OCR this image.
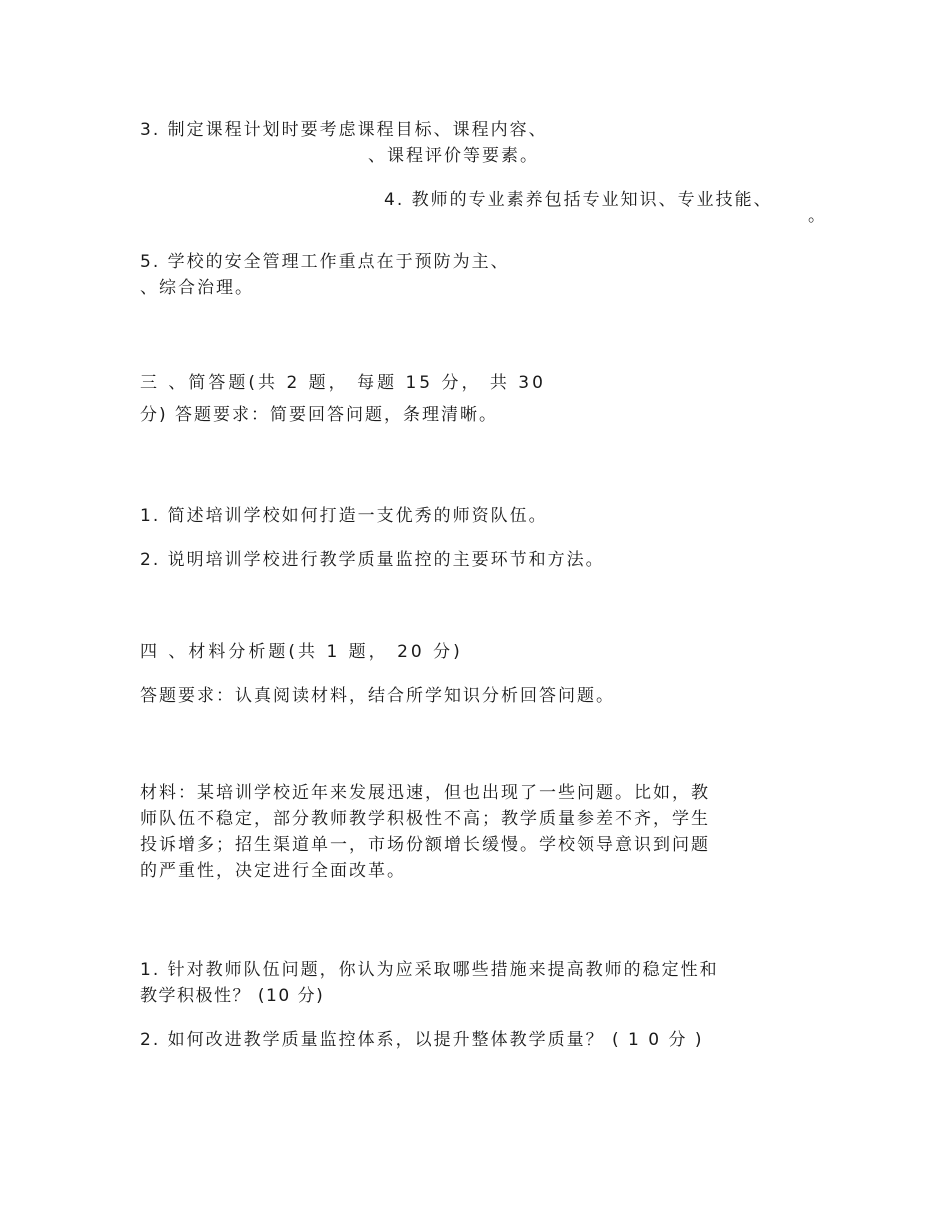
3. 制定课程计划时要考虑课程目标、课程内容、
、课程评价等要素。
4. 教师的专业素养包括专业知识、专业技能、
。
5. 学校的安全管理工作重点在于预防为主、
、综合治理。
三 、简答题(共 2 题， 每题 15 分， 共 30
分) 答题要求：简要回答问题，条理清晰。
1. 简述培训学校如何打造一支优秀的师资队伍。
2. 说明培训学校进行教学质量监控的主要环节和方法。
四 、材料分析题(共 1 题， 20 分)
答题要求：认真阅读材料，结合所学知识分析回答问题。
材料：某培训学校近年来发展迅速，但也出现了一些问题。比如，教
师队伍不稳定，部分教师教学积极性不高；教学质量参差不齐，学生
投诉增多；招生渠道单一，市场份额增长缓慢。学校领导意识到问题
的严重性，决定进行全面改革。
1. 针对教师队伍问题，你认为应采取哪些措施来提高教师的稳定性和
教学积极性？ (10 分)
2. 如何改进教学质量监控体系，以提升整体教学质量？ ( 1 0 分 )
